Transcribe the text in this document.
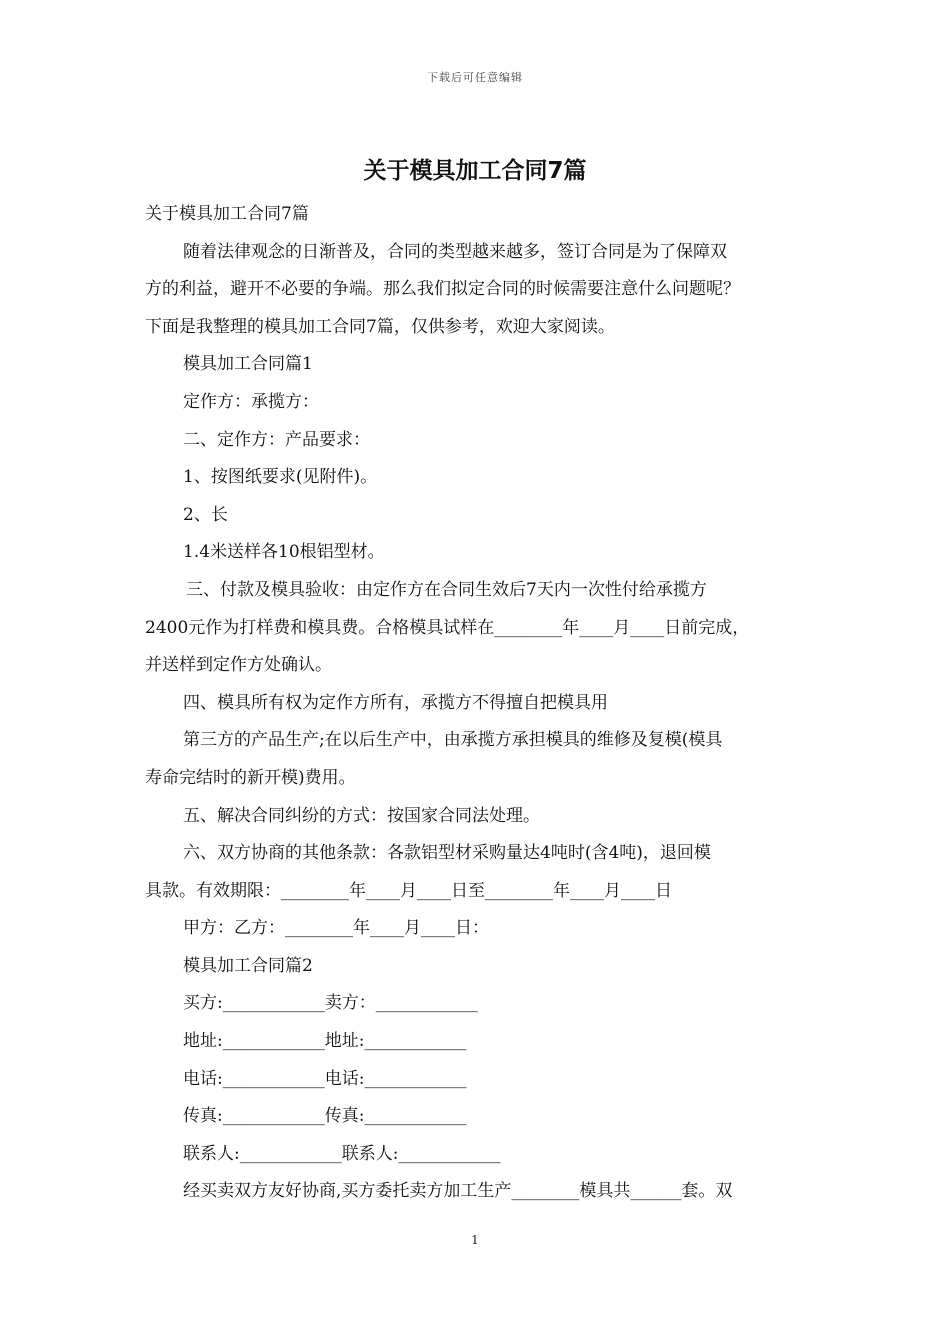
下载后可任意编辑
关于模具加工合同7篇
关于模具加工合同7篇
随着法律观念的日渐普及，合同的类型越来越多，签订合同是为了保障双
方的利益，避开不必要的争端。那么我们拟定合同的时候需要注意什么问题呢？
下面是我整理的模具加工合同7篇，仅供参考，欢迎大家阅读。
模具加工合同篇1
定作方：承揽方：
二、定作方：产品要求：
1、按图纸要求(见附件)。
2、长
1.4米送样各10根铝型材。
三、付款及模具验收：由定作方在合同生效后7天内一次性付给承揽方
2400元作为打样费和模具费。合格模具试样在________年____月____日前完成，
并送样到定作方处确认。
四、模具所有权为定作方所有，承揽方不得擅自把模具用
第三方的产品生产;在以后生产中，由承揽方承担模具的维修及复模(模具
寿命完结时的新开模)费用。
五、解决合同纠纷的方式：按国家合同法处理。
六、双方协商的其他条款：各款铝型材采购量达4吨时(含4吨)，退回模
具款。有效期限：________年____月____日至________年____月____日
甲方：乙方：________年____月____日：
模具加工合同篇2
买方:____________卖方：____________
地址:____________地址:____________
电话:____________电话:____________
传真:____________传真:____________
联系人:____________联系人:____________
经买卖双方友好协商,买方委托卖方加工生产________模具共______套。双
1
